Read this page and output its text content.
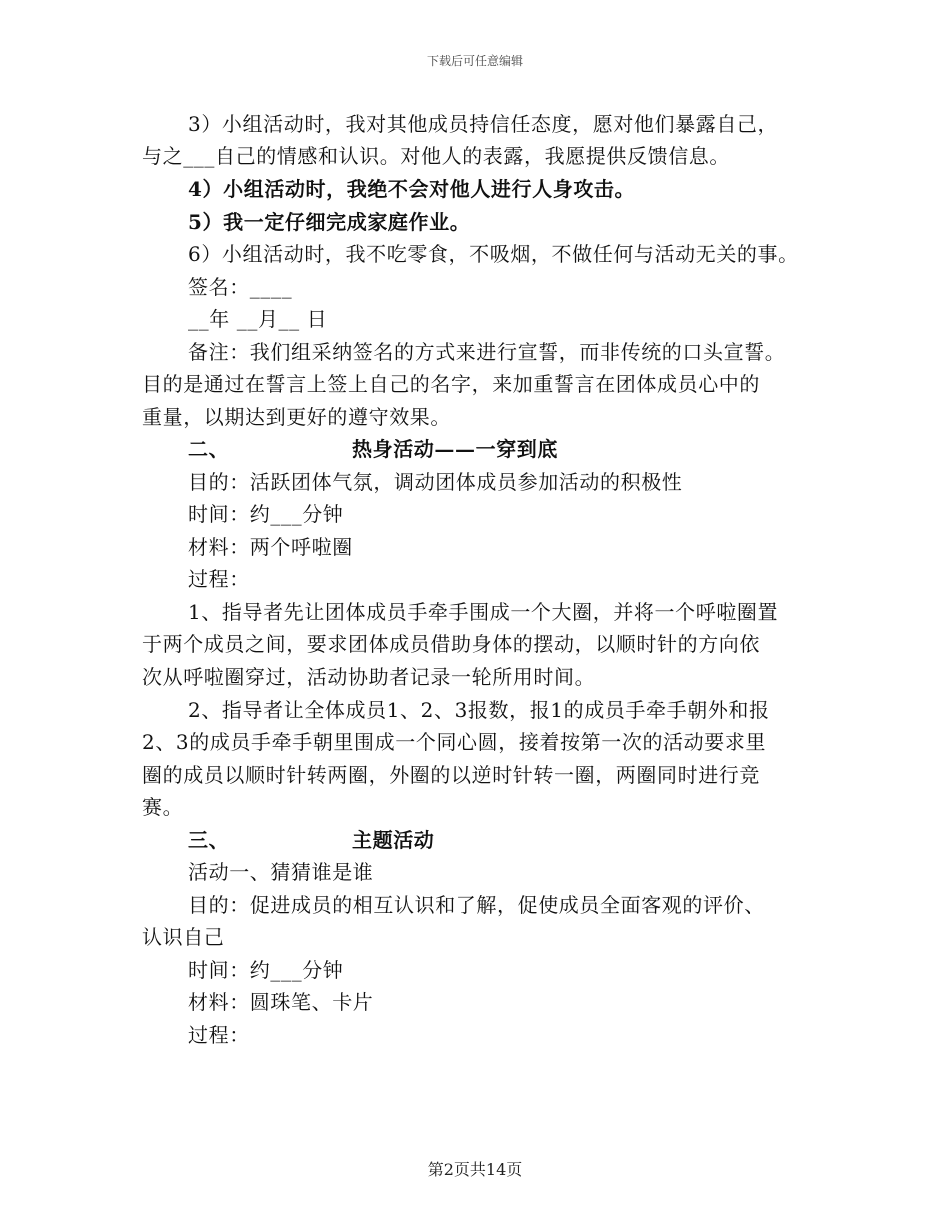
下载后可任意编辑
3）小组活动时，我对其他成员持信任态度，愿对他们暴露自己，
与之___自己的情感和认识。对他人的表露，我愿提供反馈信息。
4）小组活动时，我绝不会对他人进行人身攻击。
5）我一定仔细完成家庭作业。
6）小组活动时，我不吃零食，不吸烟，不做任何与活动无关的事。
签名：____
__年 __月__ 日
备注：我们组采纳签名的方式来进行宣誓，而非传统的口头宣誓。
目的是通过在誓言上签上自己的名字，来加重誓言在团体成员心中的
重量，以期达到更好的遵守效果。
二、	热身活动——一穿到底
目的：活跃团体气氛，调动团体成员参加活动的积极性
时间：约___分钟
材料：两个呼啦圈
过程：
1、指导者先让团体成员手牵手围成一个大圈，并将一个呼啦圈置
于两个成员之间，要求团体成员借助身体的摆动，以顺时针的方向依
次从呼啦圈穿过，活动协助者记录一轮所用时间。
2、指导者让全体成员1、2、3报数，报1的成员手牵手朝外和报
2、3的成员手牵手朝里围成一个同心圆，接着按第一次的活动要求里
圈的成员以顺时针转两圈，外圈的以逆时针转一圈，两圈同时进行竞
赛。
三、	主题活动
活动一、猜猜谁是谁
目的：促进成员的相互认识和了解，促使成员全面客观的评价、
认识自己
时间：约___分钟
材料：圆珠笔、卡片
过程：
第2页共14页
